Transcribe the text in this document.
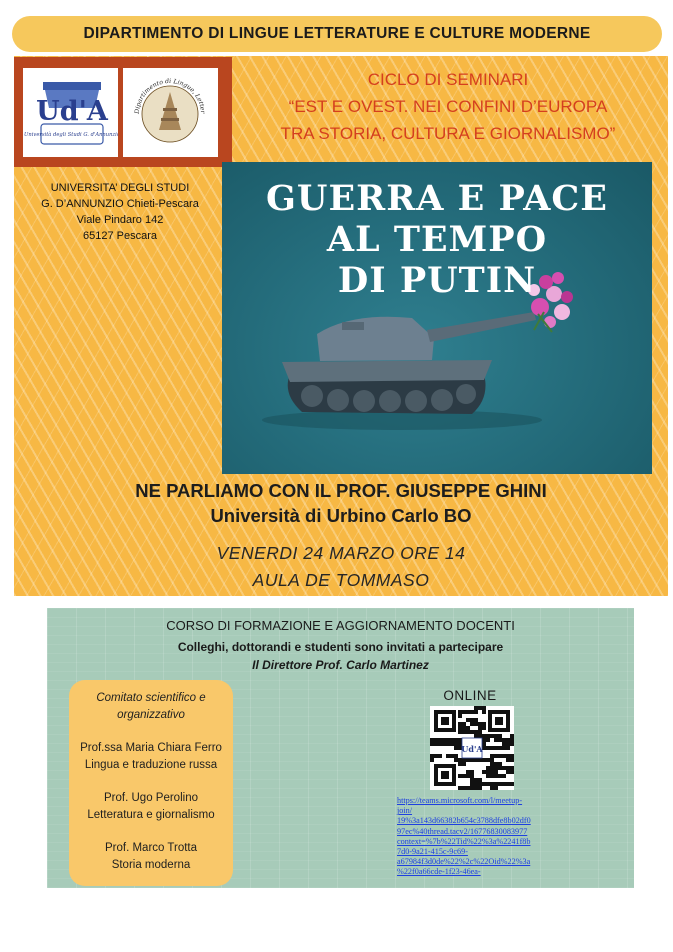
DIPARTIMENTO DI LINGUE LETTERATURE E CULTURE MODERNE
Ud'A
Università degli Studi G. d'Annunzio
Dipartimento di Lingue, Letter
CICLO DI SEMINARI
“EST E OVEST. NEI CONFINI D’EUROPA
TRA STORIA, CULTURA E GIORNALISMO”
UNIVERSITA’ DEGLI STUDI
G. D’ANNUNZIO Chieti-Pescara
Viale Pindaro 142
65127 Pescara
GUERRA E PACE
AL TEMPO
DI PUTIN
NE PARLIAMO CON IL PROF. GIUSEPPE GHINI
Università di Urbino Carlo BO
VENERDI 24 MARZO ORE 14
AULA DE TOMMASO
CORSO DI FORMAZIONE E AGGIORNAMENTO DOCENTI
Colleghi, dottorandi e studenti sono invitati a partecipare
Il Direttore Prof. Carlo Martinez
Comitato scientifico e
organizzativo
Prof.ssa Maria Chiara Ferro
Lingua e traduzione russa
Prof. Ugo Perolino
Letteratura e giornalismo
Prof. Marco Trotta
Storia moderna
ONLINE
Ud'A
https://teams.microsoft.com/l/meetup-
join/
19%3a143d66382b654c3788dfe8b02df0
97ec%40thread.tacv2/16776830083977
context=%7b%22Tid%22%3a%2241f8b
7d0-9a21-415c-9c69-
a67984f3d0de%22%2c%22Oid%22%3a
%22f0a66cde-1f23-46ea-
